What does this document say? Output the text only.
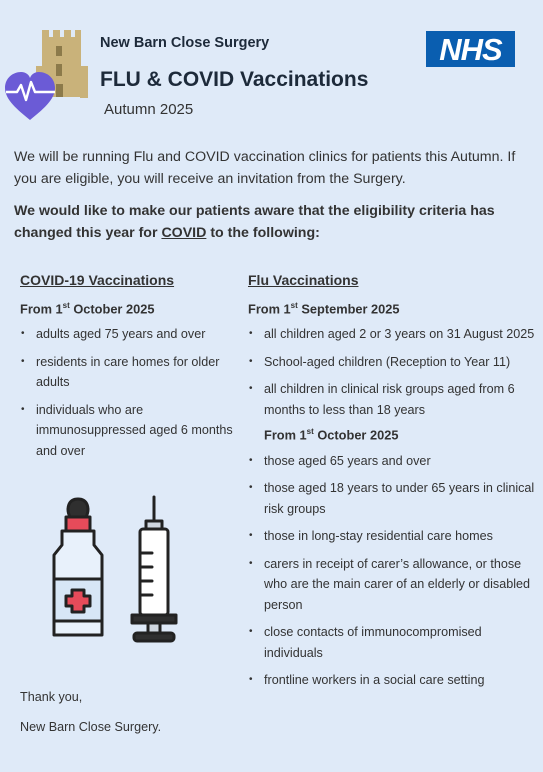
New Barn Close Surgery
FLU & COVID Vaccinations
Autumn 2025
NHS
We will be running Flu and COVID vaccination clinics for patients this Autumn. If you are eligible, you will receive an invitation from the Surgery.
We would like to make our patients aware that the eligibility criteria has changed this year for COVID to the following:
COVID-19 Vaccinations
From 1st October 2025
• adults aged 75 years and over
• residents in care homes for older adults
• individuals who are immunosuppressed aged 6 months and over
Flu Vaccinations
From 1st September 2025
• all children aged 2 or 3 years on 31 August 2025
• School-aged children (Reception to Year 11)
• all children in clinical risk groups aged from 6 months to less than 18 years
From 1st October 2025
• those aged 65 years and over
• those aged 18 years to under 65 years in clinical risk groups
• those in long-stay residential care homes
• carers in receipt of carer’s allowance, or those who are the main carer of an elderly or disabled person
• close contacts of immunocompromised individuals
• frontline workers in a social care setting
Thank you,
New Barn Close Surgery.
